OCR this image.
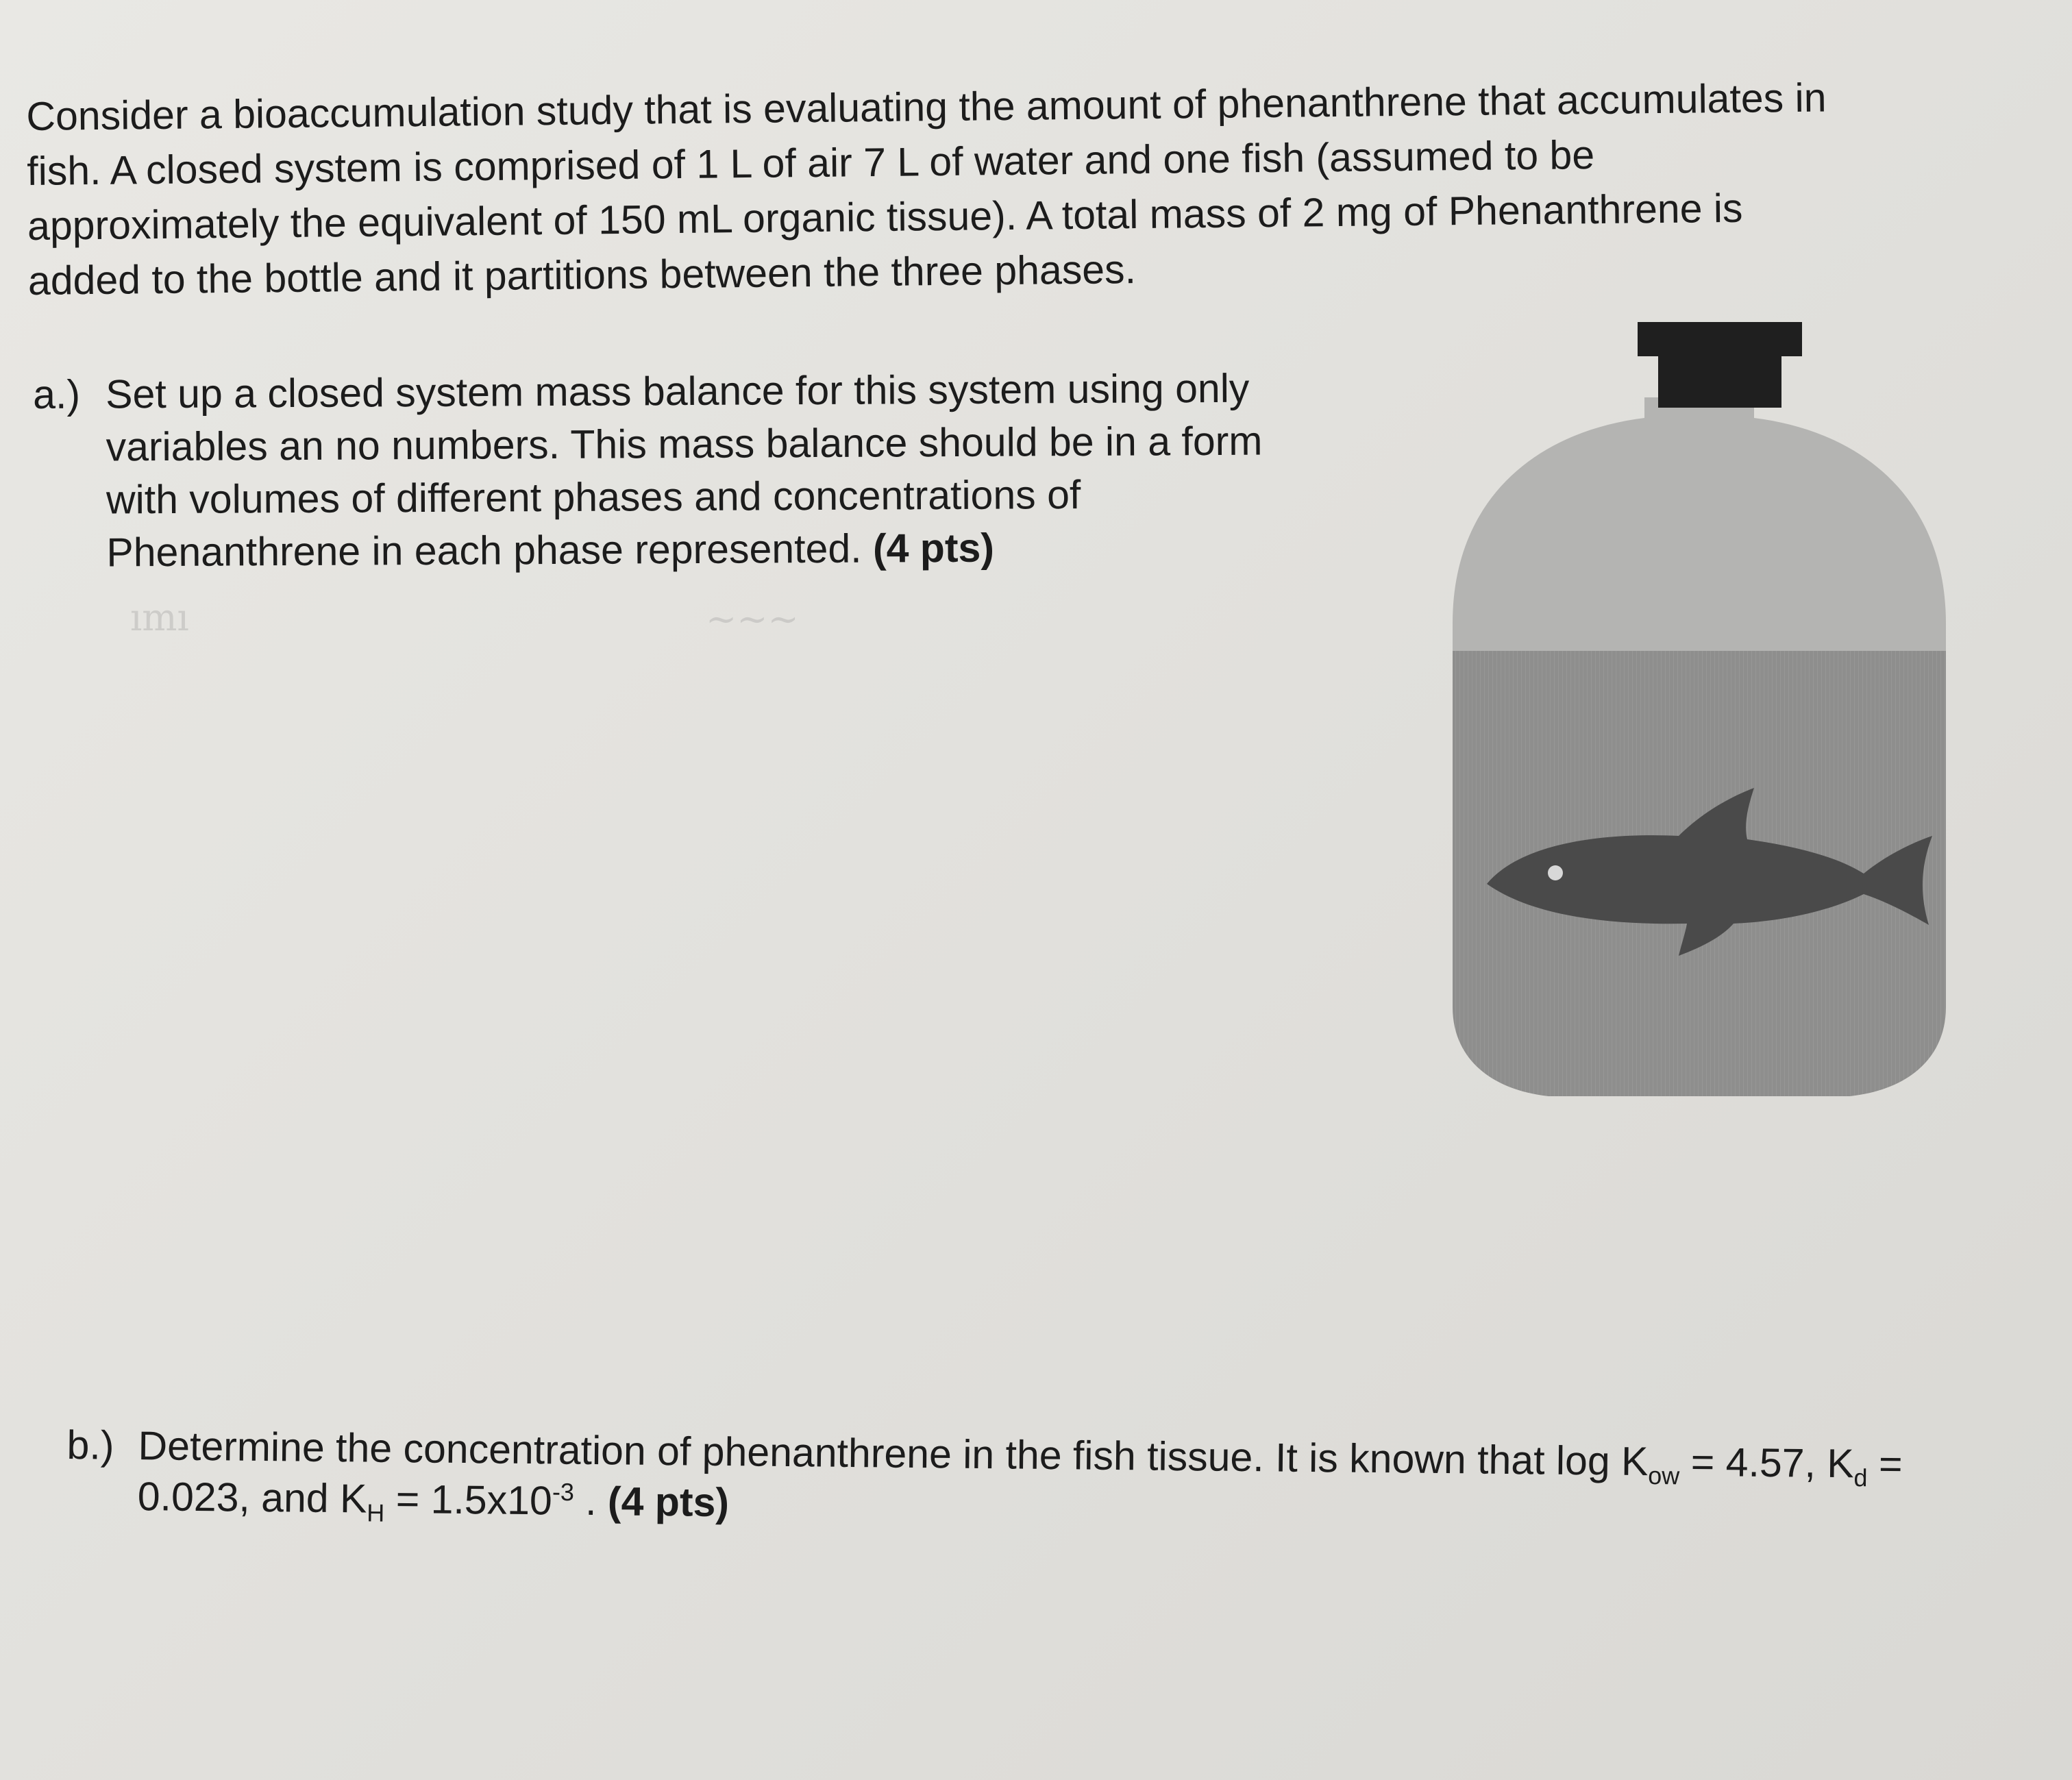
ımı	∼∼∼

Consider a bioaccumulation study that is evaluating the amount of phenanthrene that accumulates in

fish. A closed system is comprised of 1 L of air 7 L of water and one fish (assumed to be

approximately the equivalent of 150 mL organic tissue). A total mass of 2 mg of Phenanthrene is

added to the bottle and it partitions between the three phases.

a.) Set up a closed system mass balance for this system using only

variables an no numbers. This mass balance should be in a form

with volumes of different phases and concentrations of

Phenanthrene in each phase represented. (4 pts)

b.) Determine the concentration of phenanthrene in the fish tissue. It is known that $\log K_{ow} = 4.57$, $K_d$ =

0.023, and $K_H = 1.5x10^{-3}$ . (4 pts)
